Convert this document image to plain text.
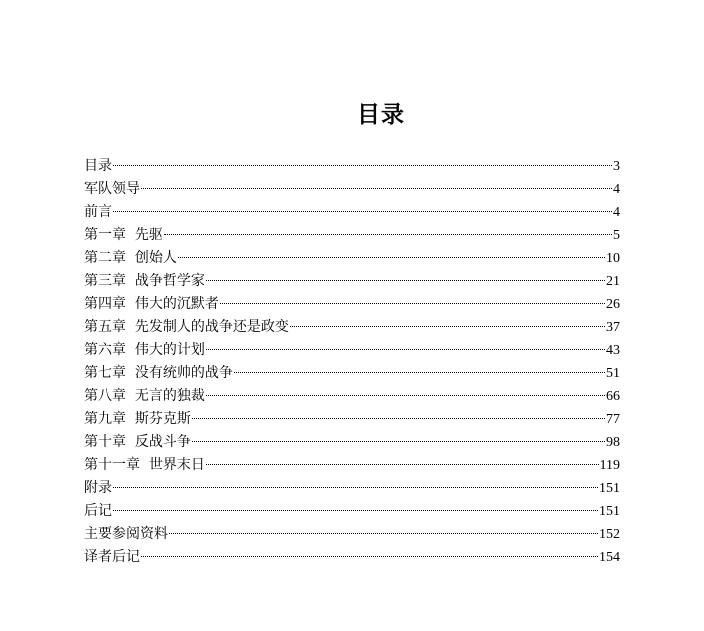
目录
目录	3
军队领导	4
前言	4
第一章  先驱	5
第二章  创始人	10
第三章  战争哲学家	21
第四章  伟大的沉默者	26
第五章  先发制人的战争还是政变	37
第六章  伟大的计划	43
第七章  没有统帅的战争	51
第八章  无言的独裁	66
第九章  斯芬克斯	77
第十章  反战斗争	98
第十一章  世界末日	119
附录	151
后记	151
主要参阅资料	152
译者后记	154
